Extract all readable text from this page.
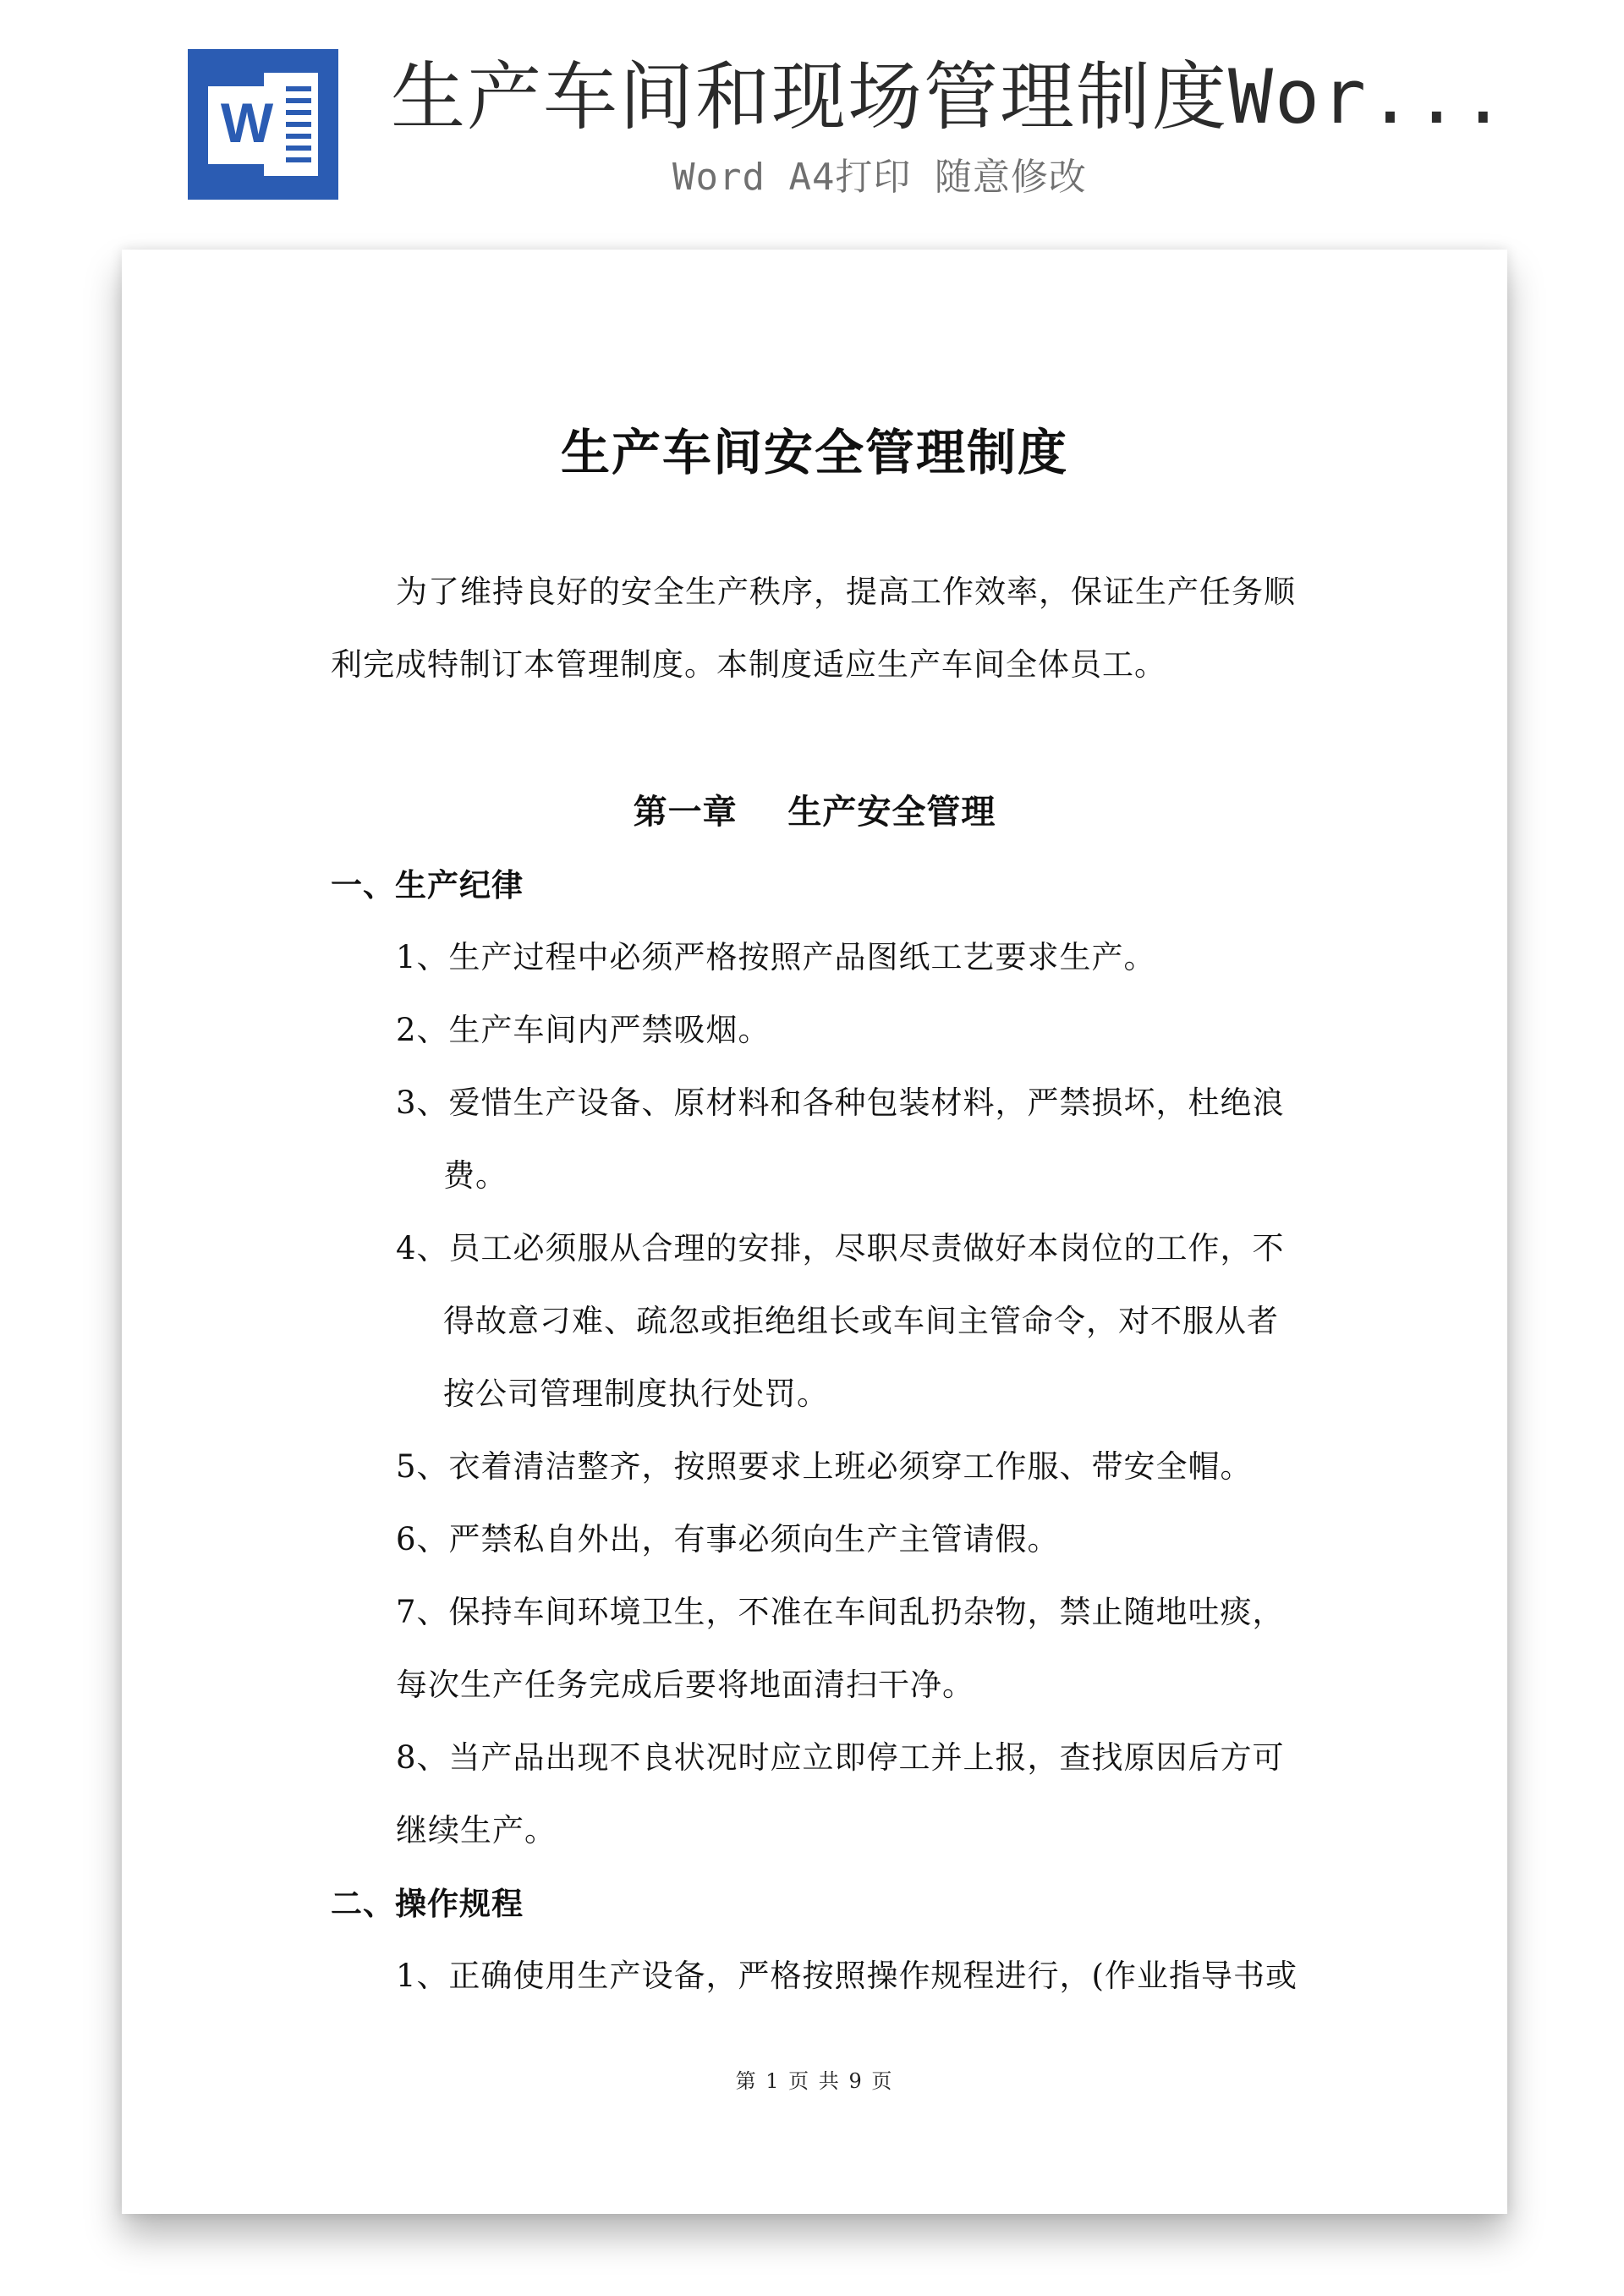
W 生产车间和现场管理制度Wor...
Word A4打印 随意修改
生产车间安全管理制度
为了维持良好的安全生产秩序，提高工作效率，保证生产任务顺
利完成特制订本管理制度。本制度适应生产车间全体员工。
第一章    生产安全管理
一、生产纪律
1、生产过程中必须严格按照产品图纸工艺要求生产。
2、生产车间内严禁吸烟。
3、爱惜生产设备、原材料和各种包装材料，严禁损坏，杜绝浪
费。
4、员工必须服从合理的安排，尽职尽责做好本岗位的工作，不
得故意刁难、疏忽或拒绝组长或车间主管命令，对不服从者
按公司管理制度执行处罚。
5、衣着清洁整齐，按照要求上班必须穿工作服、带安全帽。
6、严禁私自外出，有事必须向生产主管请假。
7、保持车间环境卫生，不准在车间乱扔杂物，禁止随地吐痰，
每次生产任务完成后要将地面清扫干净。
8、当产品出现不良状况时应立即停工并上报，查找原因后方可
继续生产。
二、操作规程
1、正确使用生产设备，严格按照操作规程进行，(作业指导书或
第 1 页 共 9 页
